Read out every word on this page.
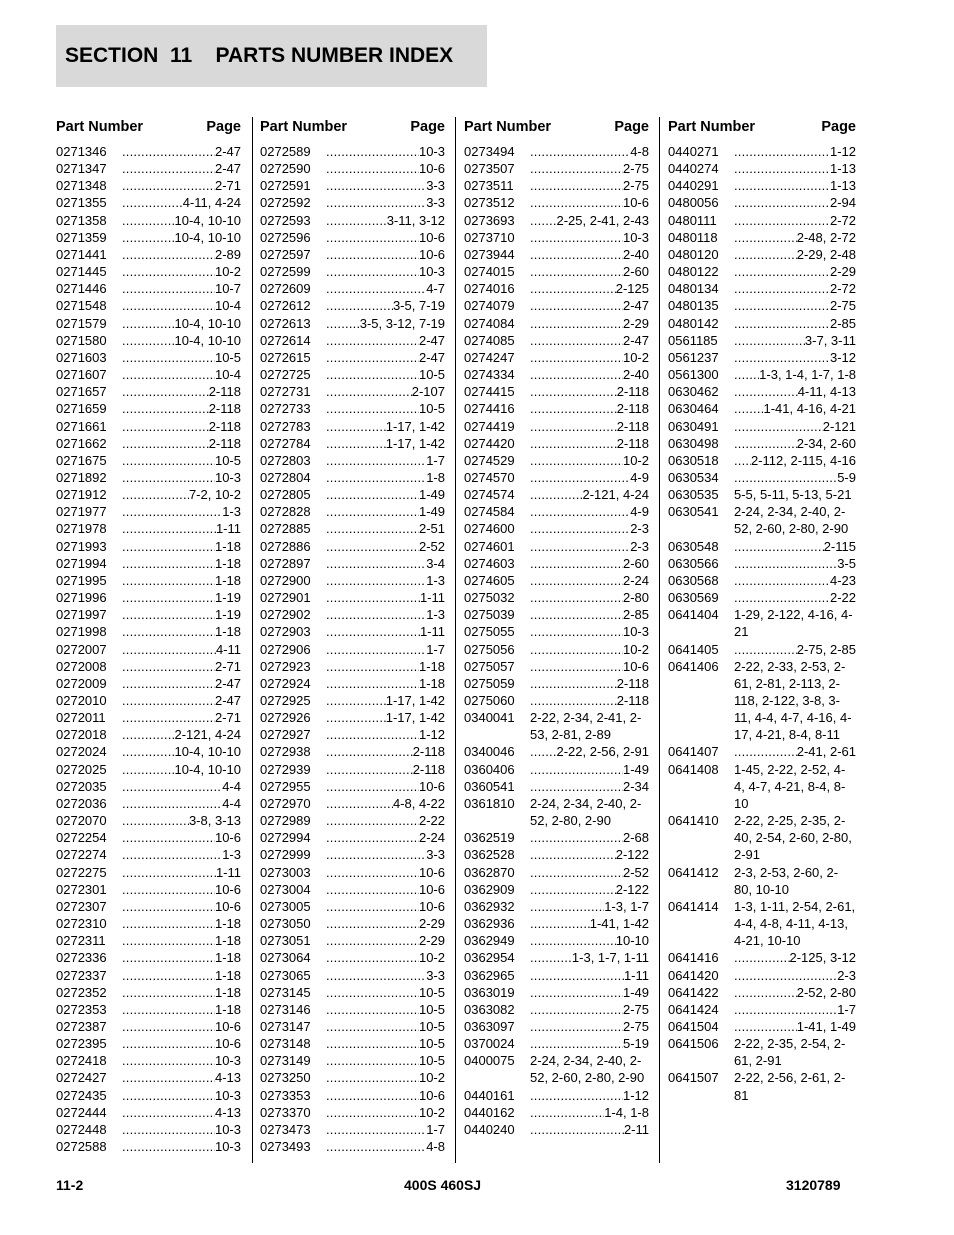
SECTION  11    PARTS NUMBER INDEX
Part Number	Page
0271346 .....	2-47
0271347 .....	2-47
0271348 .....	2-71
0271355 .....	4-11, 4-24
0271358 .....	10-4, 10-10
0271359 .....	10-4, 10-10
0271441 .....	2-89
0271445 .....	10-2
0271446 .....	10-7
0271548 .....	10-4
0271579 .....	10-4, 10-10
0271580 .....	10-4, 10-10
0271603 .....	10-5
0271607 .....	10-4
0271657 .....	2-118
0271659 .....	2-118
0271661 .....	2-118
0271662 .....	2-118
0271675 .....	10-5
0271892 .....	10-3
0271912 .....	7-2, 10-2
0271977 .....	1-3
0271978 .....	1-11
0271993 .....	1-18
0271994 .....	1-18
0271995 .....	1-18
0271996 .....	1-19
0271997 .....	1-19
0271998 .....	1-18
0272007 .....	4-11
0272008 .....	2-71
0272009 .....	2-47
0272010 .....	2-47
0272011 .....	2-71
0272018 .....	2-121, 4-24
0272024 .....	10-4, 10-10
0272025 .....	10-4, 10-10
0272035 .....	4-4
0272036 .....	4-4
0272070 .....	3-8, 3-13
0272254 .....	10-6
0272274 .....	1-3
0272275 .....	1-11
0272301 .....	10-6
0272307 .....	10-6
0272310 .....	1-18
0272311 .....	1-18
0272336 .....	1-18
0272337 .....	1-18
0272352 .....	1-18
0272353 .....	1-18
0272387 .....	10-6
0272395 .....	10-6
0272418 .....	10-3
0272427 .....	4-13
0272435 .....	10-3
0272444 .....	4-13
0272448 .....	10-3
0272588 .....	10-3
Part Number	Page
0272589 .....	10-3
0272590 .....	10-6
0272591 .....	3-3
0272592 .....	3-3
0272593 .....	3-11, 3-12
0272596 .....	10-6
0272597 .....	10-6
0272599 .....	10-3
0272609 .....	4-7
0272612 .....	3-5, 7-19
0272613 .....	3-5, 3-12, 7-19
0272614 .....	2-47
0272615 .....	2-47
0272725 .....	10-5
0272731 .....	2-107
0272733 .....	10-5
0272783 .....	1-17, 1-42
0272784 .....	1-17, 1-42
0272803 .....	1-7
0272804 .....	1-8
0272805 .....	1-49
0272828 .....	1-49
0272885 .....	2-51
0272886 .....	2-52
0272897 .....	3-4
0272900 .....	1-3
0272901 .....	1-11
0272902 .....	1-3
0272903 .....	1-11
0272906 .....	1-7
0272923 .....	1-18
0272924 .....	1-18
0272925 .....	1-17, 1-42
0272926 .....	1-17, 1-42
0272927 .....	1-12
0272938 .....	2-118
0272939 .....	2-118
0272955 .....	10-6
0272970 .....	4-8, 4-22
0272989 .....	2-22
0272994 .....	2-24
0272999 .....	3-3
0273003 .....	10-6
0273004 .....	10-6
0273005 .....	10-6
0273050 .....	2-29
0273051 .....	2-29
0273064 .....	10-2
0273065 .....	3-3
0273145 .....	10-5
0273146 .....	10-5
0273147 .....	10-5
0273148 .....	10-5
0273149 .....	10-5
0273250 .....	10-2
0273353 .....	10-6
0273370 .....	10-2
0273473 .....	1-7
0273493 .....	4-8
Part Number	Page
0273494 .....	4-8
0273507 .....	2-75
0273511 .....	2-75
0273512 .....	10-6
0273693 .....	2-25, 2-41, 2-43
0273710 .....	10-3
0273944 .....	2-40
0274015 .....	2-60
0274016 .....	2-125
0274079 .....	2-47
0274084 .....	2-29
0274085 .....	2-47
0274247 .....	10-2
0274334 .....	2-40
0274415 .....	2-118
0274416 .....	2-118
0274419 .....	2-118
0274420 .....	2-118
0274529 .....	10-2
0274570 .....	4-9
0274574 .....	2-121, 4-24
0274584 .....	4-9
0274600 .....	2-3
0274601 .....	2-3
0274603 .....	2-60
0274605 .....	2-24
0275032 .....	2-80
0275039 .....	2-85
0275055 .....	10-3
0275056 .....	10-2
0275057 .....	10-6
0275059 .....	2-118
0275060 .....	2-118
0340041	2-22, 2-34, 2-41, 2-53, 2-81, 2-89
0340046 .....	2-22, 2-56, 2-91
0360406 .....	1-49
0360541 .....	2-34
0361810	2-24, 2-34, 2-40, 2-52, 2-80, 2-90
0362519 .....	2-68
0362528 .....	2-122
0362870 .....	2-52
0362909 .....	2-122
0362932 .....	1-3, 1-7
0362936 .....	1-41, 1-42
0362949 .....	10-10
0362954 .....	1-3, 1-7, 1-11
0362965 .....	1-11
0363019 .....	1-49
0363082 .....	2-75
0363097 .....	2-75
0370024 .....	5-19
0400075	2-24, 2-34, 2-40, 2-52, 2-60, 2-80, 2-90
0440161 .....	1-12
0440162 .....	1-4, 1-8
0440240 .....	2-11
Part Number	Page
0440271 .....	1-12
0440274 .....	1-13
0440291 .....	1-13
0480056 .....	2-94
0480111 .....	2-72
0480118 .....	2-48, 2-72
0480120 .....	2-29, 2-48
0480122 .....	2-29
0480134 .....	2-72
0480135 .....	2-75
0480142 .....	2-85
0561185 .....	3-7, 3-11
0561237 .....	3-12
0561300 .....	1-3, 1-4, 1-7, 1-8
0630462 .....	4-11, 4-13
0630464 .....	1-41, 4-16, 4-21
0630491 .....	2-121
0630498 .....	2-34, 2-60
0630518 .....	2-112, 2-115, 4-16
0630534 .....	5-9
0630535	5-5, 5-11, 5-13, 5-21
0630541	2-24, 2-34, 2-40, 2-52, 2-60, 2-80, 2-90
0630548 .....	2-115
0630566 .....	3-5
0630568 .....	4-23
0630569 .....	2-22
0641404	1-29, 2-122, 4-16, 4-21
0641405 .....	2-75, 2-85
0641406	2-22, 2-33, 2-53, 2-61, 2-81, 2-113, 2-118, 2-122, 3-8, 3-11, 4-4, 4-7, 4-16, 4-17, 4-21, 8-4, 8-11
0641407 .....	2-41, 2-61
0641408	1-45, 2-22, 2-52, 4-4, 4-7, 4-21, 8-4, 8-10
0641410	2-22, 2-25, 2-35, 2-40, 2-54, 2-60, 2-80, 2-91
0641412	2-3, 2-53, 2-60, 2-80, 10-10
0641414	1-3, 1-11, 2-54, 2-61, 4-4, 4-8, 4-11, 4-13, 4-21, 10-10
0641416 .....	2-125, 3-12
0641420 .....	2-3
0641422 .....	2-52, 2-80
0641424 .....	1-7
0641504 .....	1-41, 1-49
0641506	2-22, 2-35, 2-54, 2-61, 2-91
0641507	2-22, 2-56, 2-61, 2-81
11-2	400S 460SJ	3120789
